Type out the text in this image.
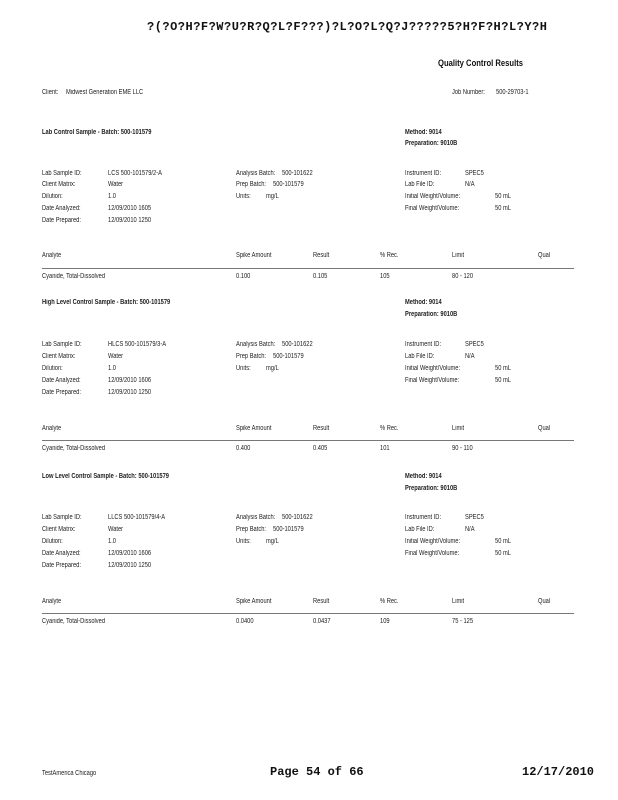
?(?O?H?F?W?U?R?Q?L?F???)?L?O?L?Q?J?????5?H?F?H?L?Y?H
Quality Control Results
Client: Midwest Generation EME LLC	Job Number: 500-29703-1
Lab Control Sample - Batch: 500-101579	Method: 9014
Preparation: 9010B
Lab Sample ID:	LCS 500-101579/2-A
Client Matrix:	Water
Dilution:	1.0
Date Analyzed:	12/09/2010 1605
Date Prepared:	12/09/2010 1250
Analysis Batch: 500-101622
Prep Batch: 500-101579
Units: mg/L
Instrument ID:	SPEC5
Lab File ID:	N/A
Initial Weight/Volume:	50 mL
Final Weight/Volume:	50 mL
Analyte	Spike Amount	Result	% Rec.	Limit	Qual
Cyanide, Total-Dissolved	0.100	0.105	105	80 - 120
High Level Control Sample - Batch: 500-101579	Method: 9014
Preparation: 9010B
Lab Sample ID:	HLCS 500-101579/3-A
Client Matrix:	Water
Dilution:	1.0
Date Analyzed:	12/09/2010 1606
Date Prepared:	12/09/2010 1250
Analysis Batch: 500-101622
Prep Batch: 500-101579
Units: mg/L
Instrument ID:	SPEC5
Lab File ID:	N/A
Initial Weight/Volume:	50 mL
Final Weight/Volume:	50 mL
Analyte	Spike Amount	Result	% Rec.	Limit	Qual
Cyanide, Total-Dissolved	0.400	0.405	101	90 - 110
Low Level Control Sample - Batch: 500-101579	Method: 9014
Preparation: 9010B
Lab Sample ID:	LLCS 500-101579/4-A
Client Matrix:	Water
Dilution:	1.0
Date Analyzed:	12/09/2010 1606
Date Prepared:	12/09/2010 1250
Analysis Batch: 500-101622
Prep Batch: 500-101579
Units: mg/L
Instrument ID:	SPEC5
Lab File ID:	N/A
Initial Weight/Volume:	50 mL
Final Weight/Volume:	50 mL
Analyte	Spike Amount	Result	% Rec.	Limit	Qual
Cyanide, Total-Dissolved	0.0400	0.0437	109	75 - 125
TestAmerica Chicago	Page 54 of 66	12/17/2010
